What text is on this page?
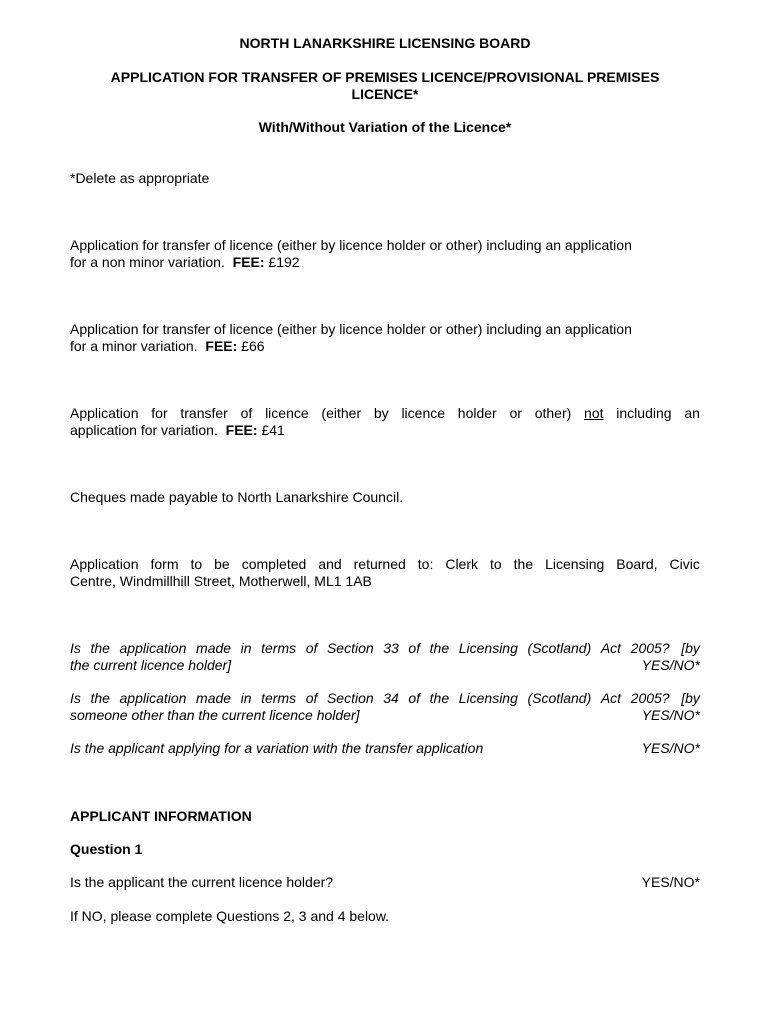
NORTH LANARKSHIRE LICENSING BOARD
APPLICATION FOR TRANSFER OF PREMISES LICENCE/PROVISIONAL PREMISES
LICENCE*
With/Without Variation of the Licence*
*Delete as appropriate
Application for transfer of licence (either by licence holder or other) including an application
for a non minor variation. FEE: £192
Application for transfer of licence (either by licence holder or other) including an application
for a minor variation. FEE: £66
Application for transfer of licence (either by licence holder or other) not including an
application for variation. FEE: £41
Cheques made payable to North Lanarkshire Council.
Application form to be completed and returned to: Clerk to the Licensing Board, Civic
Centre, Windmillhill Street, Motherwell, ML1 1AB
Is the application made in terms of Section 33 of the Licensing (Scotland) Act 2005?   [by
the current licence holder]	YES/NO*
Is the application made in terms of Section 34 of the Licensing (Scotland) Act 2005?   [by
someone other than the current licence holder]	YES/NO*
Is the applicant applying for a variation with the transfer application	YES/NO*
APPLICANT INFORMATION
Question 1
Is the applicant the current licence holder?	YES/NO*
If NO, please complete Questions 2, 3 and 4 below.
